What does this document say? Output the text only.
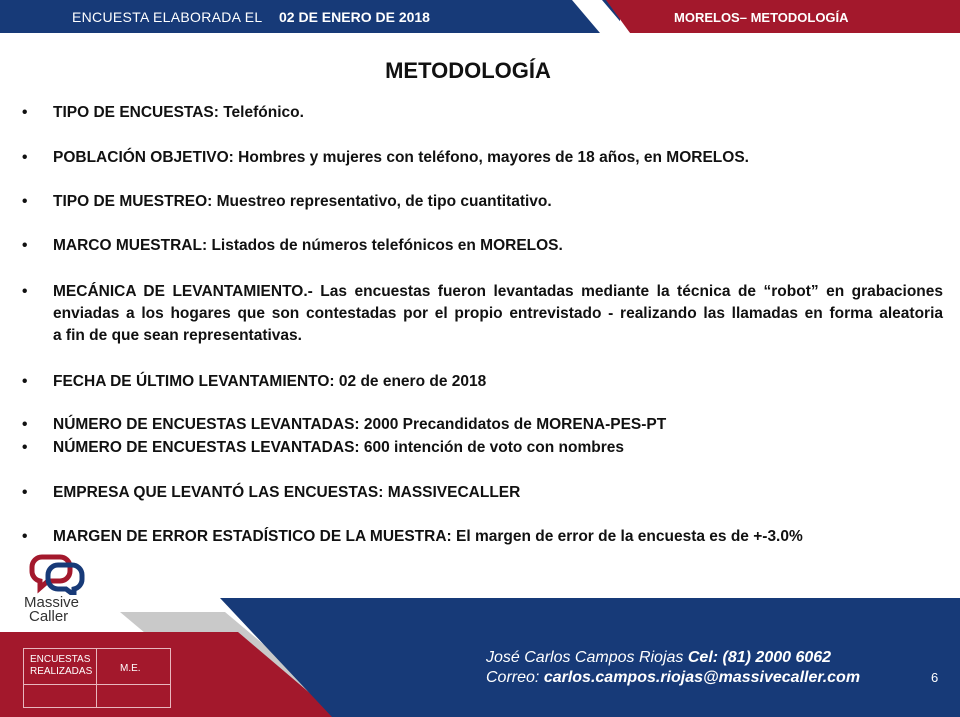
ENCUESTA ELABORADA EL 02 DE ENERO DE 2018	MORELOS– METODOLOGÍA
METODOLOGÍA
• TIPO DE ENCUESTAS: Telefónico.
• POBLACIÓN OBJETIVO: Hombres y mujeres con teléfono, mayores de 18 años, en MORELOS.
• TIPO DE MUESTREO: Muestreo representativo, de tipo cuantitativo.
• MARCO MUESTRAL: Listados de números telefónicos en MORELOS.
• MECÁNICA DE LEVANTAMIENTO.- Las encuestas fueron levantadas mediante la técnica de “robot” en grabaciones enviadas a los hogares que son contestadas por el propio entrevistado - realizando las llamadas en forma aleatoria
a fin de que sean representativas.
• FECHA DE ÚLTIMO LEVANTAMIENTO: 02 de enero de 2018
• NÚMERO DE ENCUESTAS LEVANTADAS: 2000 Precandidatos de MORENA-PES-PT
• NÚMERO DE ENCUESTAS LEVANTADAS: 600 intención de voto con nombres
• EMPRESA QUE LEVANTÓ LAS ENCUESTAS: MASSIVECALLER
• MARGEN DE ERROR ESTADÍSTICO DE LA MUESTRA: El margen de error de la encuesta es de +-3.0%
Massive
Caller
ENCUESTAS
REALIZADAS	M.E.
José Carlos Campos Riojas Cel: (81) 2000 6062
Correo: carlos.campos.riojas@massivecaller.com	6
